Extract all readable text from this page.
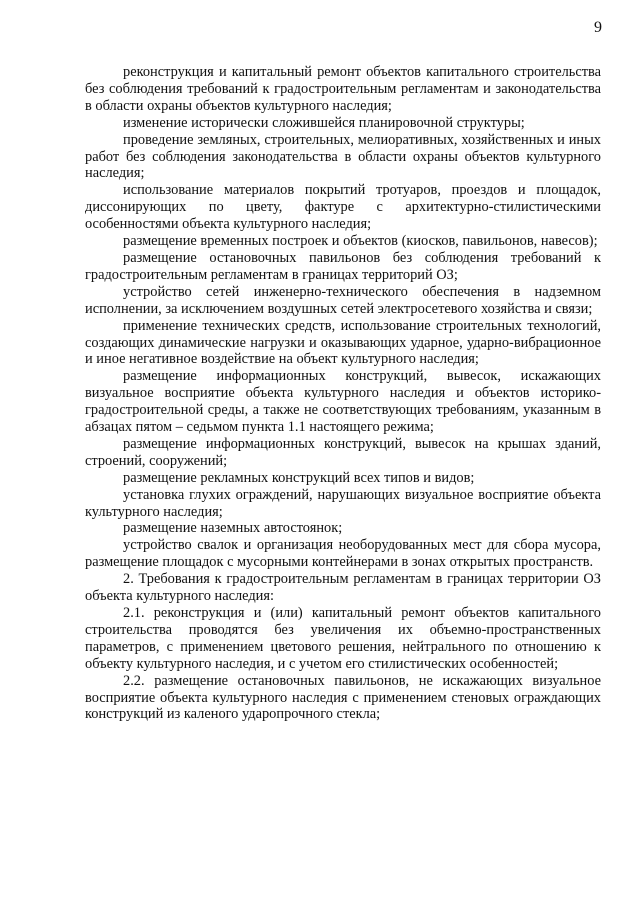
9

реконструкция и капитальный ремонт объектов капитального строительства без соблюдения требований к градостроительным регламентам и законодательства в области охраны объектов культурного наследия;

изменение исторически сложившейся планировочной структуры;

проведение земляных, строительных, мелиоративных, хозяйственных и иных работ без соблюдения законодательства в области охраны объектов культурного наследия;

использование материалов покрытий тротуаров, проездов и площадок, диссонирующих по цвету, фактуре с архитектурно-стилистическими особенностями объекта культурного наследия;

размещение временных построек и объектов (киосков, павильонов, навесов);

размещение остановочных павильонов без соблюдения требований к градостроительным регламентам в границах территорий ОЗ;

устройство сетей инженерно-технического обеспечения в надземном исполнении, за исключением воздушных сетей электросетевого хозяйства и связи;

применение технических средств, использование строительных технологий, создающих динамические нагрузки и оказывающих ударное, ударно-вибрационное и иное негативное воздействие на объект культурного наследия;

размещение информационных конструкций, вывесок, искажающих визуальное восприятие объекта культурного наследия и объектов историко-градостроительной среды, а также не соответствующих требованиям, указанным в абзацах пятом – седьмом пункта 1.1 настоящего режима;

размещение информационных конструкций, вывесок на крышах зданий, строений, сооружений;

размещение рекламных конструкций всех типов и видов;

установка глухих ограждений, нарушающих визуальное восприятие объекта культурного наследия;

размещение наземных автостоянок;

устройство свалок и организация необорудованных мест для сбора мусора, размещение площадок с мусорными контейнерами в зонах открытых пространств.

2. Требования к градостроительным регламентам в границах территории ОЗ объекта культурного наследия:

2.1. реконструкция и (или) капитальный ремонт объектов капитального строительства проводятся без увеличения их объемно-пространственных параметров, с применением цветового решения, нейтрального по отношению к объекту культурного наследия, и с учетом его стилистических особенностей;

2.2. размещение остановочных павильонов, не искажающих визуальное восприятие объекта культурного наследия с применением стеновых ограждающих конструкций из каленого ударопрочного стекла;
